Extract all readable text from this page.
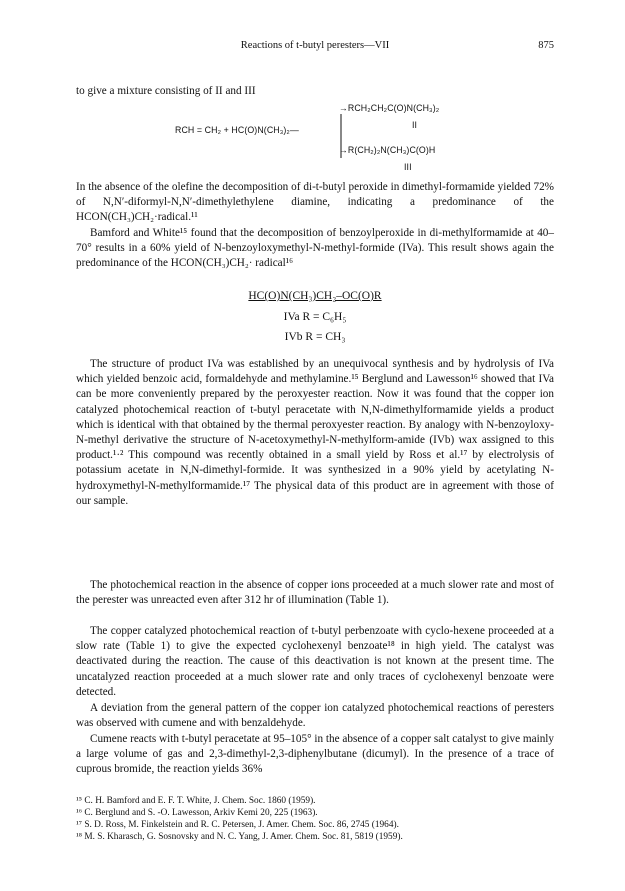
Reactions of t-butyl peresters—VII	875

to give a mixture consisting of II and III

RCH = CH₂ + HC(O)N(CH₃)₂—
→RCH₂CH₂C(O)N(CH₃)₂
II
→R(CH₂)₂N(CH₃)C(O)H
III

In the absence of the olefine the decomposition of di-t-butyl peroxide in dimethyl-formamide yielded 72% of N,N′-diformyl-N,N′-dimethylethylene diamine, indicating a predominance of the HCON(CH₃)CH₂·radical.¹¹

Bamford and White¹⁵ found that the decomposition of benzoylperoxide in di-methylformamide at 40–70° results in a 60% yield of N-benzoyloxymethyl-N-methyl-formide (IVa). This result shows again the predominance of the HCON(CH₃)CH₂· radical¹⁶

HC(O)N(CH₃)CH₂–OC(O)R
IVa R = C₆H₅
IVb R = CH₃

The structure of product IVa was established by an unequivocal synthesis and by hydrolysis of IVa which yielded benzoic acid, formaldehyde and methylamine.¹⁵ Berglund and Lawesson¹⁶ showed that IVa can be more conveniently prepared by the peroxyester reaction. Now it was found that the copper ion catalyzed photochemical reaction of t-butyl peracetate with N,N-dimethylformamide yields a product which is identical with that obtained by the thermal peroxyester reaction. By analogy with N-benzoyloxy-N-methyl derivative the structure of N-acetoxymethyl-N-methylform-amide (IVb) wax assigned to this product.¹·² This compound was recently obtained in a small yield by Ross et al.¹⁷ by electrolysis of potassium acetate in N,N-dimethyl-formide. It was synthesized in a 90% yield by acetylating N-hydroxymethyl-N-methylformamide.¹⁷ The physical data of this product are in agreement with those of our sample.

The photochemical reaction in the absence of copper ions proceeded at a much slower rate and most of the perester was unreacted even after 312 hr of illumination (Table 1).

The copper catalyzed photochemical reaction of t-butyl perbenzoate with cyclo-hexene proceeded at a slow rate (Table 1) to give the expected cyclohexenyl benzoate¹⁸ in high yield. The catalyst was deactivated during the reaction. The cause of this deactivation is not known at the present time. The uncatalyzed reaction proceeded at a much slower rate and only traces of cyclohexenyl benzoate were detected.

A deviation from the general pattern of the copper ion catalyzed photochemical reactions of peresters was observed with cumene and with benzaldehyde.

Cumene reacts with t-butyl peracetate at 95–105° in the absence of a copper salt catalyst to give mainly a large volume of gas and 2,3-dimethyl-2,3-diphenylbutane (dicumyl). In the presence of a trace of cuprous bromide, the reaction yields 36%

¹⁵ C. H. Bamford and E. F. T. White, J. Chem. Soc. 1860 (1959).

¹⁶ C. Berglund and S. -O. Lawesson, Arkiv Kemi 20, 225 (1963).

¹⁷ S. D. Ross, M. Finkelstein and R. C. Petersen, J. Amer. Chem. Soc. 86, 2745 (1964).

¹⁸ M. S. Kharasch, G. Sosnovsky and N. C. Yang, J. Amer. Chem. Soc. 81, 5819 (1959).
